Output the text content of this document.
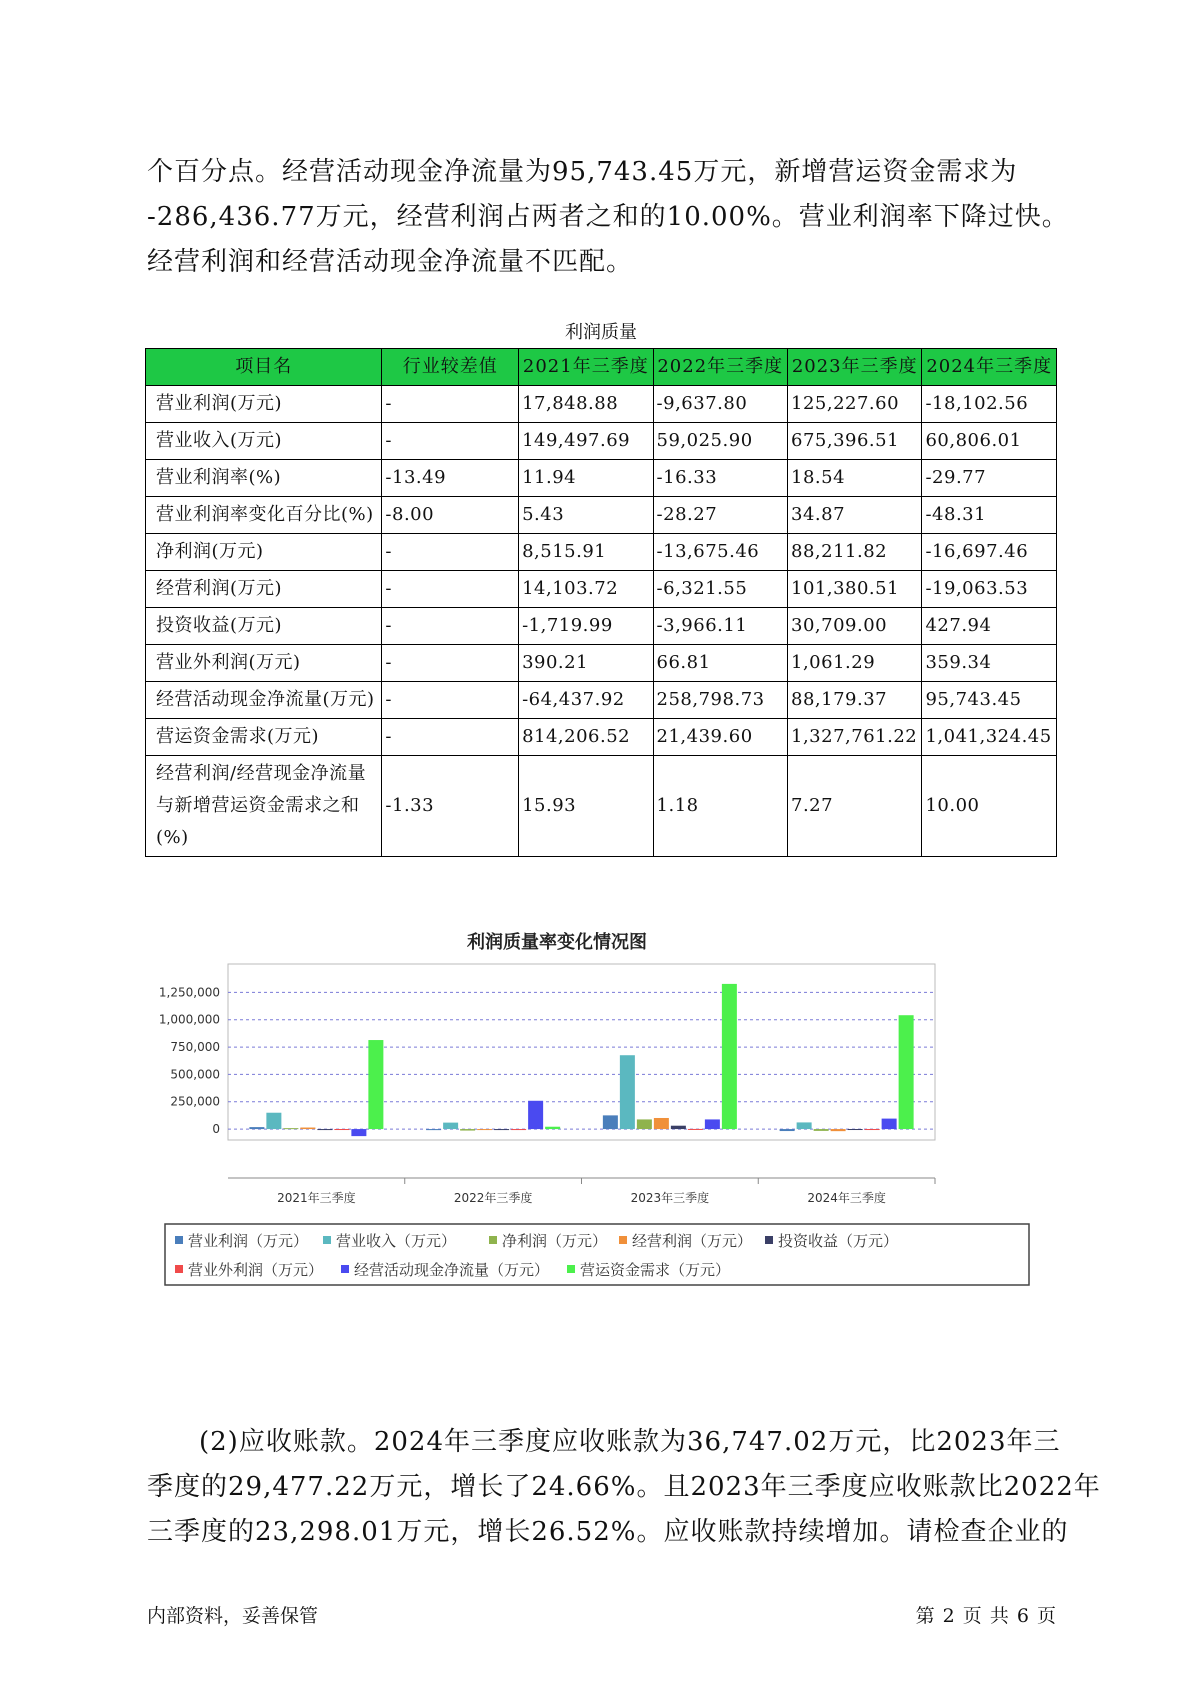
个百分点。经营活动现金净流量为95,743.45万元，新增营运资金需求为
-286,436.77万元，经营利润占两者之和的10.00%。营业利润率下降过快。
经营利润和经营活动现金净流量不匹配。
利润质量
项目名	行业较差值	2021年三季度	2022年三季度	2023年三季度	2024年三季度
营业利润(万元)	-	17,848.88	-9,637.80	125,227.60	-18,102.56
营业收入(万元)	-	149,497.69	59,025.90	675,396.51	60,806.01
营业利润率(%)	-13.49	11.94	-16.33	18.54	-29.77
营业利润率变化百分比(%)	-8.00	5.43	-28.27	34.87	-48.31
净利润(万元)	-	8,515.91	-13,675.46	88,211.82	-16,697.46
经营利润(万元)	-	14,103.72	-6,321.55	101,380.51	-19,063.53
投资收益(万元)	-	-1,719.99	-3,966.11	30,709.00	427.94
营业外利润(万元)	-	390.21	66.81	1,061.29	359.34
经营活动现金净流量(万元)	-	-64,437.92	258,798.73	88,179.37	95,743.45
营运资金需求(万元)	-	814,206.52	21,439.60	1,327,761.22	1,041,324.45
经营利润/经营现金净流量与新增营运资金需求之和(%)	-1.33	15.93	1.18	7.27	10.00
利润质量率变化情况图
0
250,000
500,000
750,000
1,000,000
1,250,000
2021年三季度	2022年三季度	2023年三季度	2024年三季度
营业利润（万元） 营业收入（万元）	净利润（万元） 经营利润（万元） 投资收益（万元）
营业外利润（万元） 经营活动现金净流量（万元） 营运资金需求（万元）
(2)应收账款。2024年三季度应收账款为36,747.02万元，比2023年三
季度的29,477.22万元，增长了24.66%。且2023年三季度应收账款比2022年
三季度的23,298.01万元，增长26.52%。应收账款持续增加。请检查企业的
内部资料，妥善保管	第 2 页 共 6 页
